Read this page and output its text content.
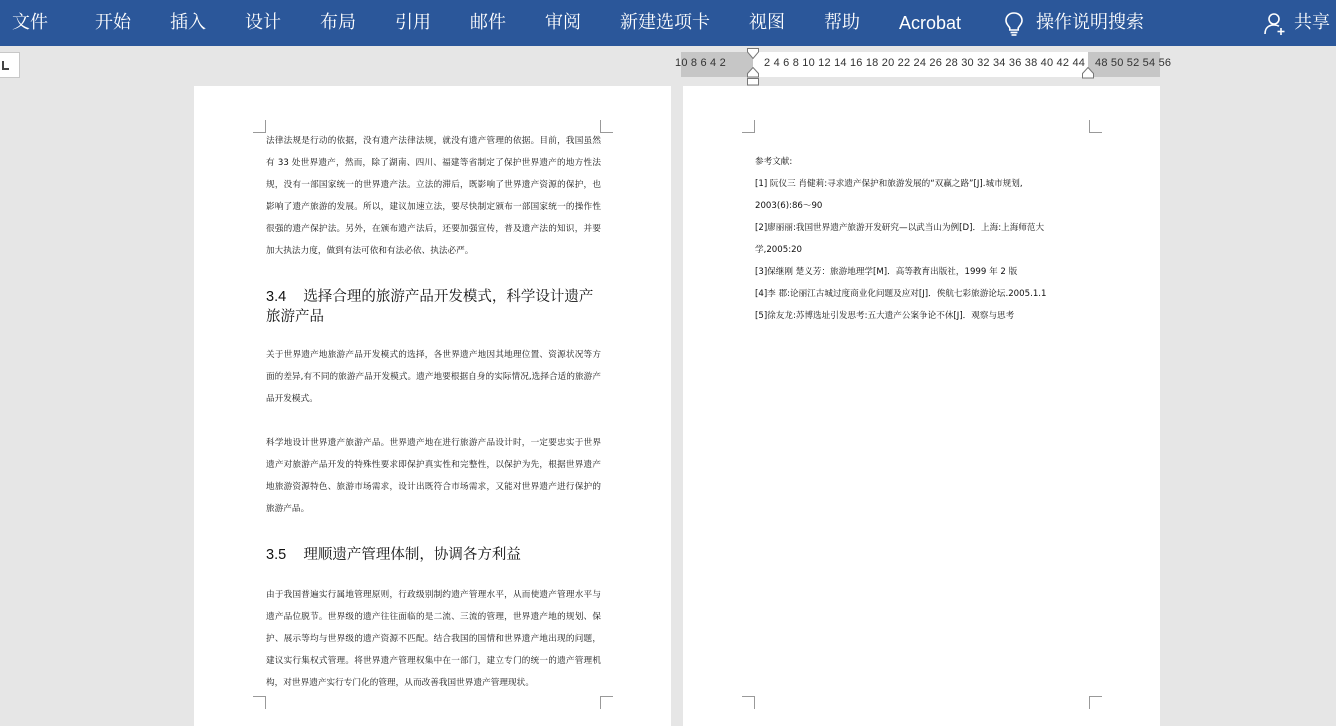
文件	开始 插入 设计 布局 引用 邮件 审阅 新建选项卡 视图 帮助 Acrobat	操作说明搜索	共享
10 8 6 4 2	2 4 6 8 10 12 14 16 18 20 22 24 26 28 30 32 34 36 38 40 42 44 48 50 52 54 56

法律法规是行动的依据，没有遗产法律法规，就没有遗产管理的依据。目前，我国虽然有 33 处世界遗产，然而，除了湖南、四川、福建等省制定了保护世界遗产的地方性法规，没有一部国家统一的世界遗产法。立法的滞后，既影响了世界遗产资源的保护，也影响了遗产旅游的发展。所以，建议加速立法，要尽快制定颁布一部国家统一的操作性很强的遗产保护法。另外，在颁布遗产法后，还要加强宣传，普及遗产法的知识，并要加大执法力度，做到有法可依和有法必依、执法必严。

3.4 选择合理的旅游产品开发模式，科学设计遗产旅游产品

关于世界遗产地旅游产品开发模式的选择，各世界遗产地因其地理位置、资源状况等方面的差异,有不同的旅游产品开发模式。遗产地要根据自身的实际情况,选择合适的旅游产品开发模式。

科学地设计世界遗产旅游产品。世界遗产地在进行旅游产品设计时，一定要忠实于世界遗产对旅游产品开发的特殊性要求即保护真实性和完整性，以保护为先，根据世界遗产地旅游资源特色、旅游市场需求，设计出既符合市场需求，又能对世界遗产进行保护的旅游产品。

3.5 理顺遗产管理体制，协调各方利益

由于我国普遍实行属地管理原则，行政级别制约遗产管理水平，从而使遗产管理水平与遗产品位脱节。世界级的遗产往往面临的是二流、三流的管理，世界遗产地的规划、保护、展示等均与世界级的遗产资源不匹配。结合我国的国情和世界遗产地出现的问题，建议实行集权式管理。将世界遗产管理权集中在一部门，建立专门的统一的遗产管理机构，对世界遗产实行专门化的管理，从而改善我国世界遗产管理现状。

参考文献:

[1] 阮仪三 肖健莉:寻求遗产保护和旅游发展的“双赢之路”[J].城市规划,

2003(6):86～90

[2]廖丽丽:我国世界遗产旅游开发研究—以武当山为例[D]．上海:上海师范大

学,2005:20

[3]保继刚 楚义芳：旅游地理学[M]．高等教育出版社，1999 年 2 版

[4]李 郡:论丽江古城过度商业化问题及应对[J]．俟航七彩旅游论坛.2005.1.1

[5]徐友龙:苏博选址引发思考:五大遗产公案争论不休[J]．观察与思考
